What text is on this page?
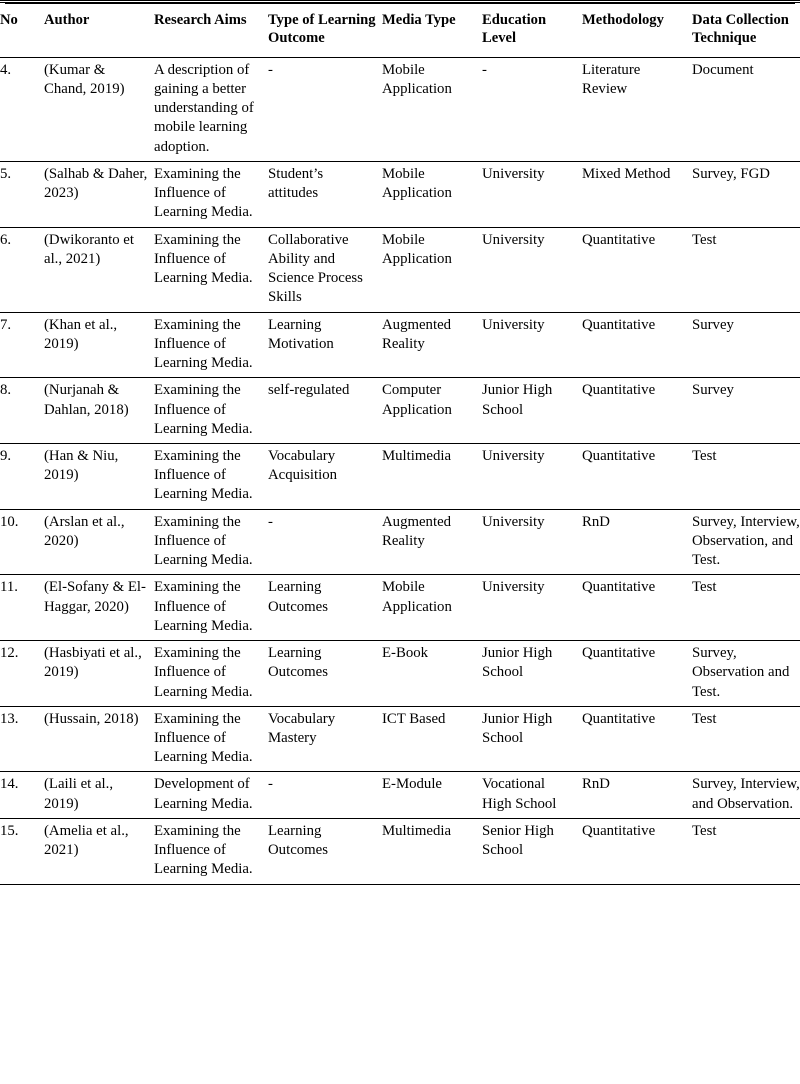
No	Author	Research Aims	Type of Learning Outcome	Media Type	Education Level	Methodology	Data Collection Technique

4.	(Kumar & Chand, 2019)	A description of gaining a better understanding of mobile learning adoption.	-	Mobile Application	-	Literature Review	Document

5.	(Salhab & Daher, 2023)	Examining the Influence of Learning Media.	Student’s attitudes	Mobile Application	University	Mixed Method	Survey, FGD

6.	(Dwikoranto et al., 2021)	Examining the Influence of Learning Media.	Collaborative Ability and Science Process Skills	Mobile Application	University	Quantitative	Test

7.	(Khan et al., 2019)	Examining the Influence of Learning Media.	Learning Motivation	Augmented Reality	University	Quantitative	Survey

8.	(Nurjanah & Dahlan, 2018)	Examining the Influence of Learning Media.	self-regulated	Computer Application	Junior High School	Quantitative	Survey

9.	(Han & Niu, 2019)	Examining the Influence of Learning Media.	Vocabulary Acquisition	Multimedia	University	Quantitative	Test

10.	(Arslan et al., 2020)	Examining the Influence of Learning Media.	-	Augmented Reality	University	RnD	Survey, Interview, Observation, and Test.

11.	(El-Sofany & El-Haggar, 2020)	Examining the Influence of Learning Media.	Learning Outcomes	Mobile Application	University	Quantitative	Test

12.	(Hasbiyati et al., 2019)	Examining the Influence of Learning Media.	Learning Outcomes	E-Book	Junior High School	Quantitative	Survey, Observation and Test.

13.	(Hussain, 2018)	Examining the Influence of Learning Media.	Vocabulary Mastery	ICT Based	Junior High School	Quantitative	Test

14.	(Laili et al., 2019)	Development of Learning Media.	-	E-Module	Vocational High School	RnD	Survey, Interview, and Observation.

15.	(Amelia et al., 2021)	Examining the Influence of Learning Media.	Learning Outcomes	Multimedia	Senior High School	Quantitative	Test
